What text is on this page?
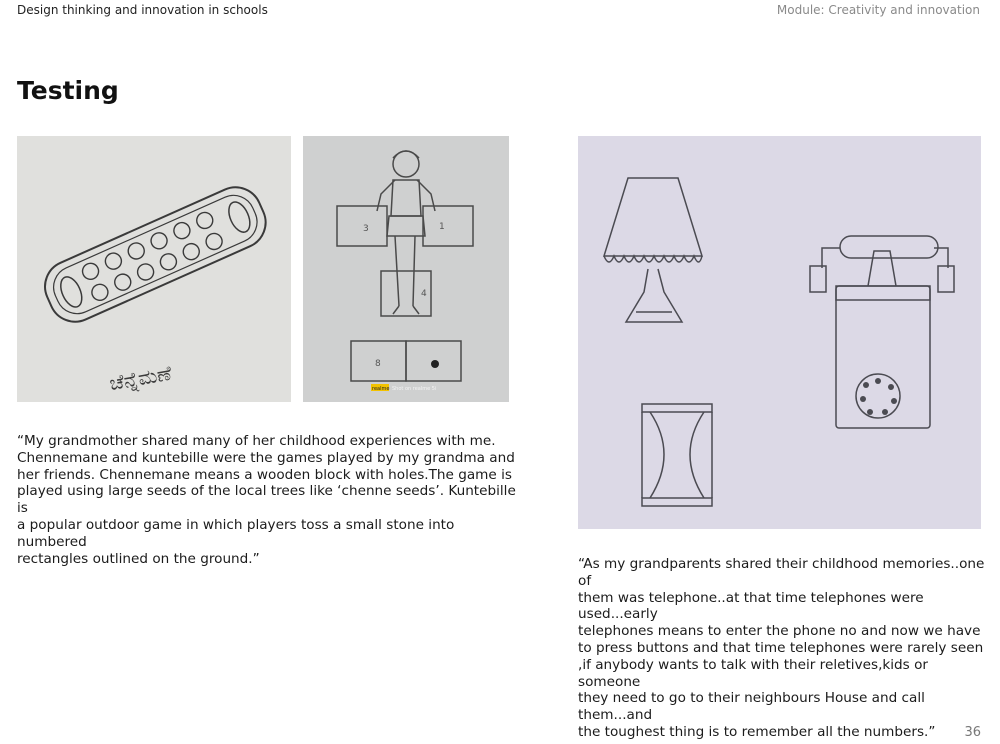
Design thinking and innovation in schools	Module: Creativity and innovation
Testing
ಚೆನ್ನೆಮಣೆ
3	1
4
8
realme Shot on realme 5i

“My grandmother shared many of her childhood experiences with me.
Chennemane and kuntebille were the games played by my grandma and
her friends. Chennemane means a wooden block with holes.The game is
played using large seeds of the local trees like ‘chenne seeds’. Kuntebille is
a popular outdoor game in which players toss a small stone into numbered
rectangles outlined on the ground.”	“As my grandparents shared their childhood memories..one of
them was telephone..at that time telephones were used...early
telephones means to enter the phone no and now we have
to press buttons and that time telephones were rarely seen
,if anybody wants to talk with their reletives,kids or someone
they need to go to their neighbours House and call them...and
the toughest thing is to remember all the numbers.”	36
